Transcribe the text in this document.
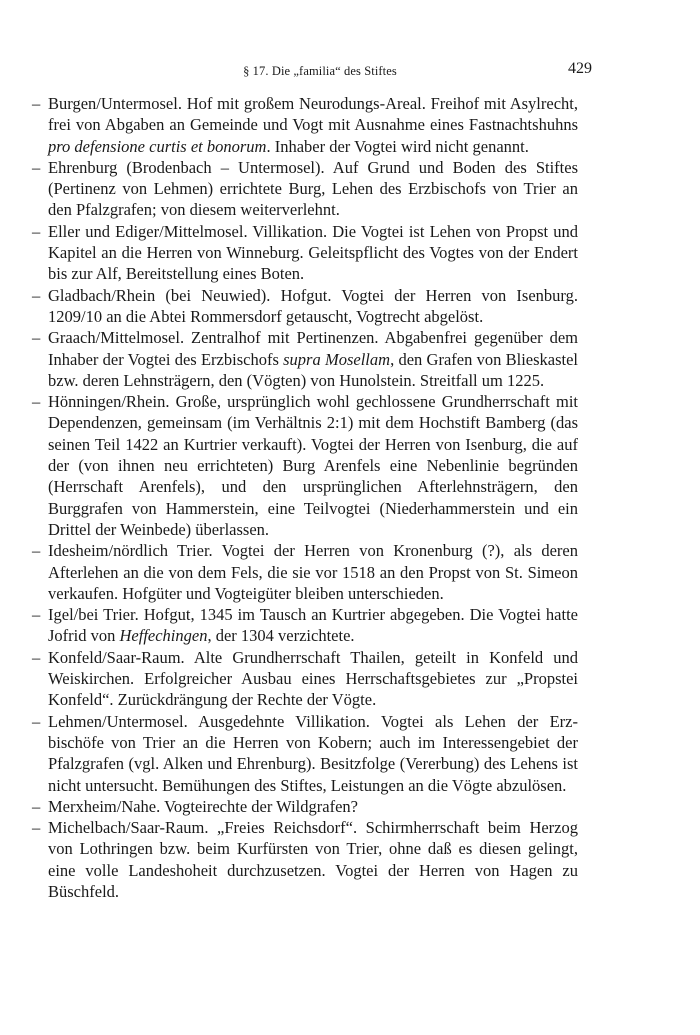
§ 17. Die „familia“ des Stiftes	429
– Burgen/Untermosel. Hof mit großem Neurodungs-Areal. Freihof mit Asylrecht, frei von Abgaben an Gemeinde und Vogt mit Ausnahme eines Fastnachtshuhns pro defensione curtis et bonorum. Inhaber der Vogtei wird nicht genannt.
– Ehrenburg (Brodenbach – Untermosel). Auf Grund und Boden des Stiftes (Pertinenz von Lehmen) errichtete Burg, Lehen des Erzbischofs von Trier an den Pfalzgrafen; von diesem weiterverlehnt.
– Eller und Ediger/Mittelmosel. Villikation. Die Vogtei ist Lehen von Propst und Kapitel an die Herren von Winneburg. Geleitspflicht des Vogtes von der Endert bis zur Alf, Bereitstellung eines Boten.
– Gladbach/Rhein (bei Neuwied). Hofgut. Vogtei der Herren von Isenburg. 1209/10 an die Abtei Rommersdorf getauscht, Vogtrecht abgelöst.
– Graach/Mittelmosel. Zentralhof mit Pertinenzen. Abgabenfrei gegenüber dem Inhaber der Vogtei des Erzbischofs supra Mosellam, den Grafen von Blieskastel bzw. deren Lehnsträgern, den (Vögten) von Hunolstein. Streitfall um 1225.
– Hönningen/Rhein. Große, ursprünglich wohl gechlossene Grundherrschaft mit Dependenzen, gemeinsam (im Verhältnis 2:1) mit dem Hochstift Bamberg (das seinen Teil 1422 an Kurtrier verkauft). Vogtei der Herren von Isenburg, die auf der (von ihnen neu errichteten) Burg Arenfels eine Nebenlinie begründen (Herrschaft Arenfels), und den ursprünglichen Afterlehnsträgern, den Burggrafen von Hammerstein, eine Teilvogtei (Niederhammerstein und ein Drittel der Weinbede) überlassen.
– Idesheim/nördlich Trier. Vogtei der Herren von Kronenburg (?), als deren Afterlehen an die von dem Fels, die sie vor 1518 an den Propst von St. Simeon verkaufen. Hofgüter und Vogteigüter bleiben unterschieden.
– Igel/bei Trier. Hofgut, 1345 im Tausch an Kurtrier abgegeben. Die Vogtei hatte Jofrid von Heffechingen, der 1304 verzichtete.
– Konfeld/Saar-Raum. Alte Grundherrschaft Thailen, geteilt in Konfeld und Weiskirchen. Erfolgreicher Ausbau eines Herrschaftsgebietes zur „Propstei Konfeld“. Zurückdrängung der Rechte der Vögte.
– Lehmen/Untermosel. Ausgedehnte Villikation. Vogtei als Lehen der Erzbischöfe von Trier an die Herren von Kobern; auch im Interessengebiet der Pfalzgrafen (vgl. Alken und Ehrenburg). Besitzfolge (Vererbung) des Lehens ist nicht untersucht. Bemühungen des Stiftes, Leistungen an die Vögte abzulösen.
– Merxheim/Nahe. Vogteirechte der Wildgrafen?
– Michelbach/Saar-Raum. „Freies Reichsdorf“. Schirmherrschaft beim Herzog von Lothringen bzw. beim Kurfürsten von Trier, ohne daß es diesen gelingt, eine volle Landeshoheit durchzusetzen. Vogtei der Herren von Hagen zu Büschfeld.
